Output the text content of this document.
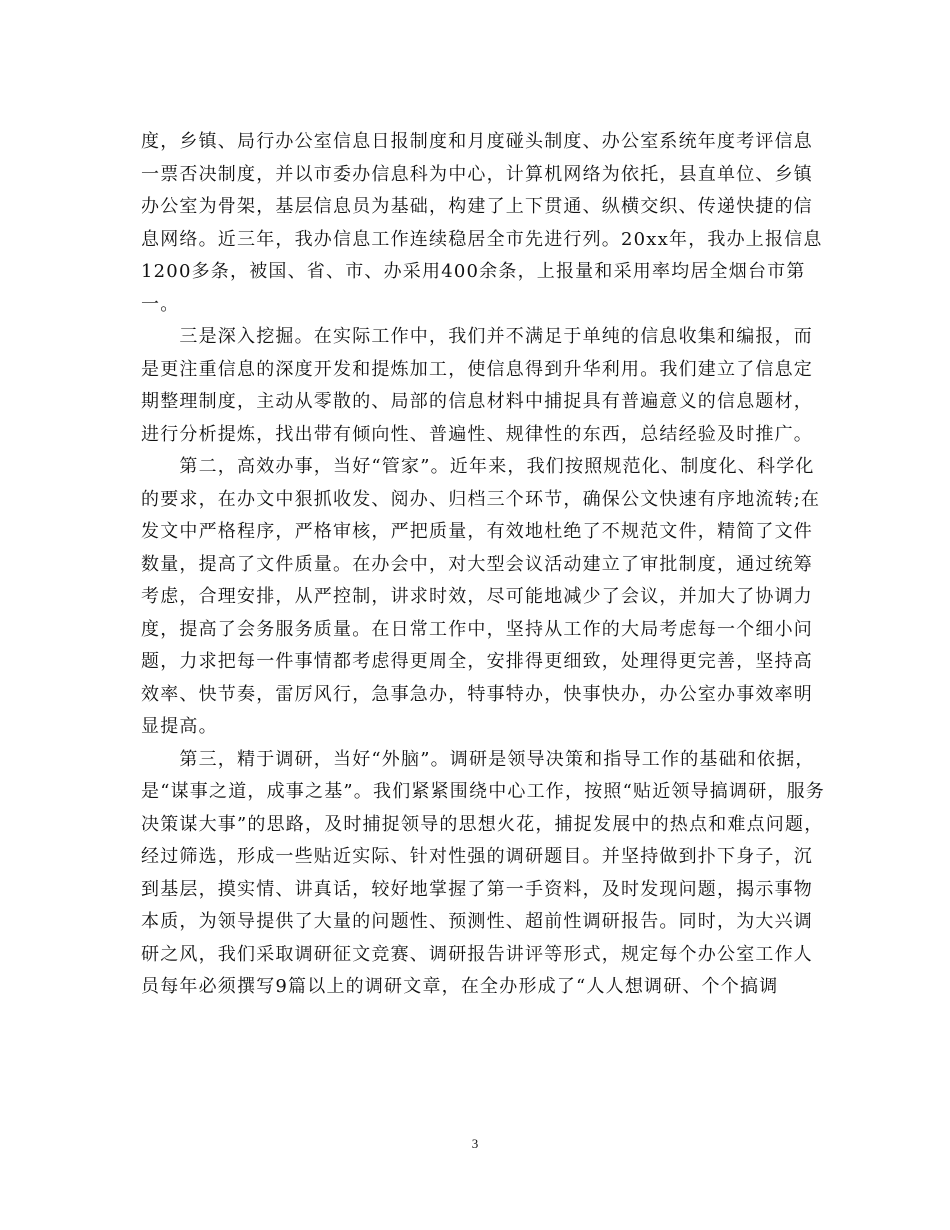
度，乡镇、局行办公室信息日报制度和月度碰头制度、办公室系统年度考评信息
一票否决制度，并以市委办信息科为中心，计算机网络为依托，县直单位、乡镇
办公室为骨架，基层信息员为基础，构建了上下贯通、纵横交织、传递快捷的信
息网络。近三年，我办信息工作连续稳居全市先进行列。20xx年，我办上报信息
1200多条，被国、省、市、办采用400余条，上报量和采用率均居全烟台市第
一。

　　三是深入挖掘。在实际工作中，我们并不满足于单纯的信息收集和编报，而
是更注重信息的深度开发和提炼加工，使信息得到升华利用。我们建立了信息定
期整理制度，主动从零散的、局部的信息材料中捕捉具有普遍意义的信息题材，
进行分析提炼，找出带有倾向性、普遍性、规律性的东西，总结经验及时推广。

　　第二，高效办事，当好“管家”。近年来，我们按照规范化、制度化、科学化
的要求，在办文中狠抓收发、阅办、归档三个环节，确保公文快速有序地流转;在
发文中严格程序，严格审核，严把质量，有效地杜绝了不规范文件，精简了文件
数量，提高了文件质量。在办会中，对大型会议活动建立了审批制度，通过统筹
考虑，合理安排，从严控制，讲求时效，尽可能地减少了会议，并加大了协调力
度，提高了会务服务质量。在日常工作中，坚持从工作的大局考虑每一个细小问
题，力求把每一件事情都考虑得更周全，安排得更细致，处理得更完善，坚持高
效率、快节奏，雷厉风行，急事急办，特事特办，快事快办，办公室办事效率明
显提高。

　　第三，精于调研，当好“外脑”。调研是领导决策和指导工作的基础和依据，
是“谋事之道，成事之基”。我们紧紧围绕中心工作，按照“贴近领导搞调研，服务
决策谋大事”的思路，及时捕捉领导的思想火花，捕捉发展中的热点和难点问题，
经过筛选，形成一些贴近实际、针对性强的调研题目。并坚持做到扑下身子，沉
到基层，摸实情、讲真话，较好地掌握了第一手资料，及时发现问题，揭示事物
本质，为领导提供了大量的问题性、预测性、超前性调研报告。同时，为大兴调
研之风，我们采取调研征文竞赛、调研报告讲评等形式，规定每个办公室工作人
员每年必须撰写9篇以上的调研文章，在全办形成了“人人想调研、个个搞调

3
